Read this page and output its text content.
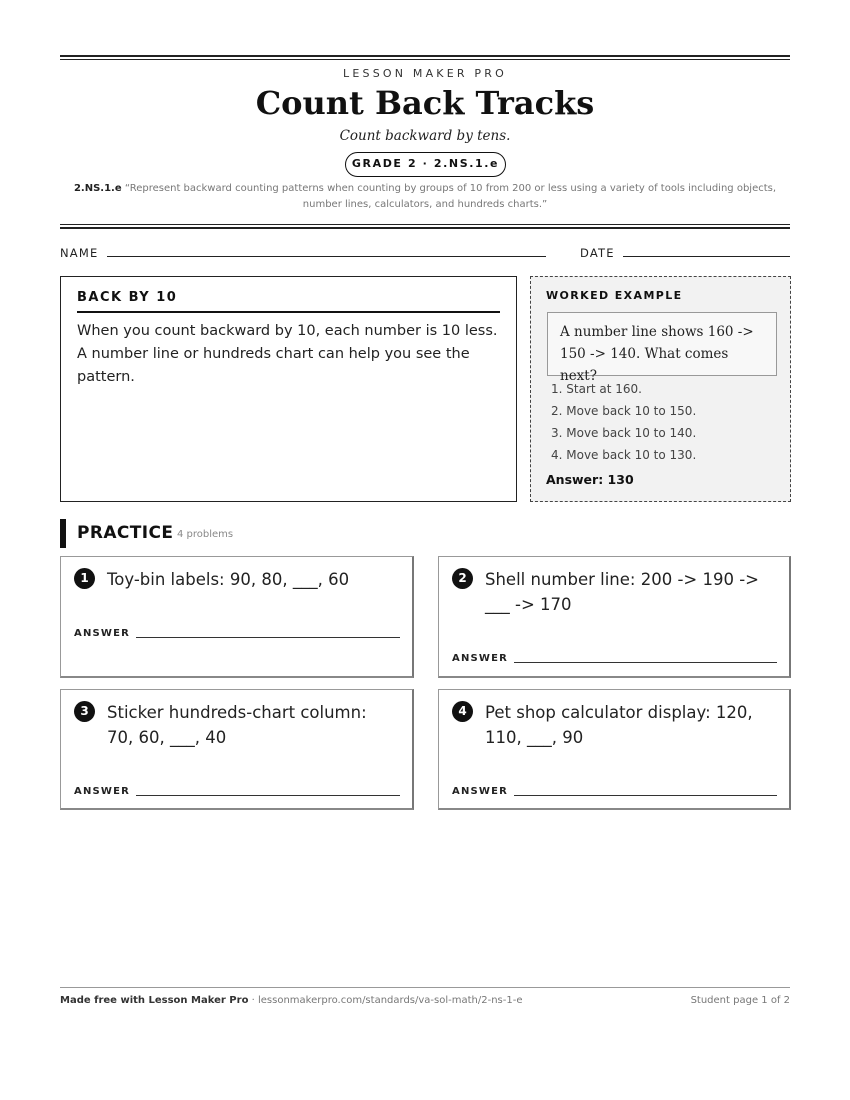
LESSON MAKER PRO
Count Back Tracks
Count backward by tens.
GRADE 2 · 2.NS.1.e
2.NS.1.e “Represent backward counting patterns when counting by groups of 10 from 200 or less using a variety of tools including objects, number lines, calculators, and hundreds charts.”
NAME	DATE
BACK BY 10
When you count backward by 10, each number is 10 less. A number line or hundreds chart can help you see the pattern.
WORKED EXAMPLE
A number line shows 160 -> 150 -> 140. What comes next?
1. Start at 160.
2. Move back 10 to 150.
3. Move back 10 to 140.
4. Move back 10 to 130.
Answer: 130
PRACTICE 4 problems
1	Toy-bin labels: 90, 80, ___, 60
ANSWER
2	Shell number line: 200 -> 190 -> ___ -> 170
ANSWER
3	Sticker hundreds-chart column: 70, 60, ___, 40
ANSWER
4	Pet shop calculator display: 120, 110, ___, 90
ANSWER
Made free with Lesson Maker Pro · lessonmakerpro.com/standards/va-sol-math/2-ns-1-e	Student page 1 of 2
